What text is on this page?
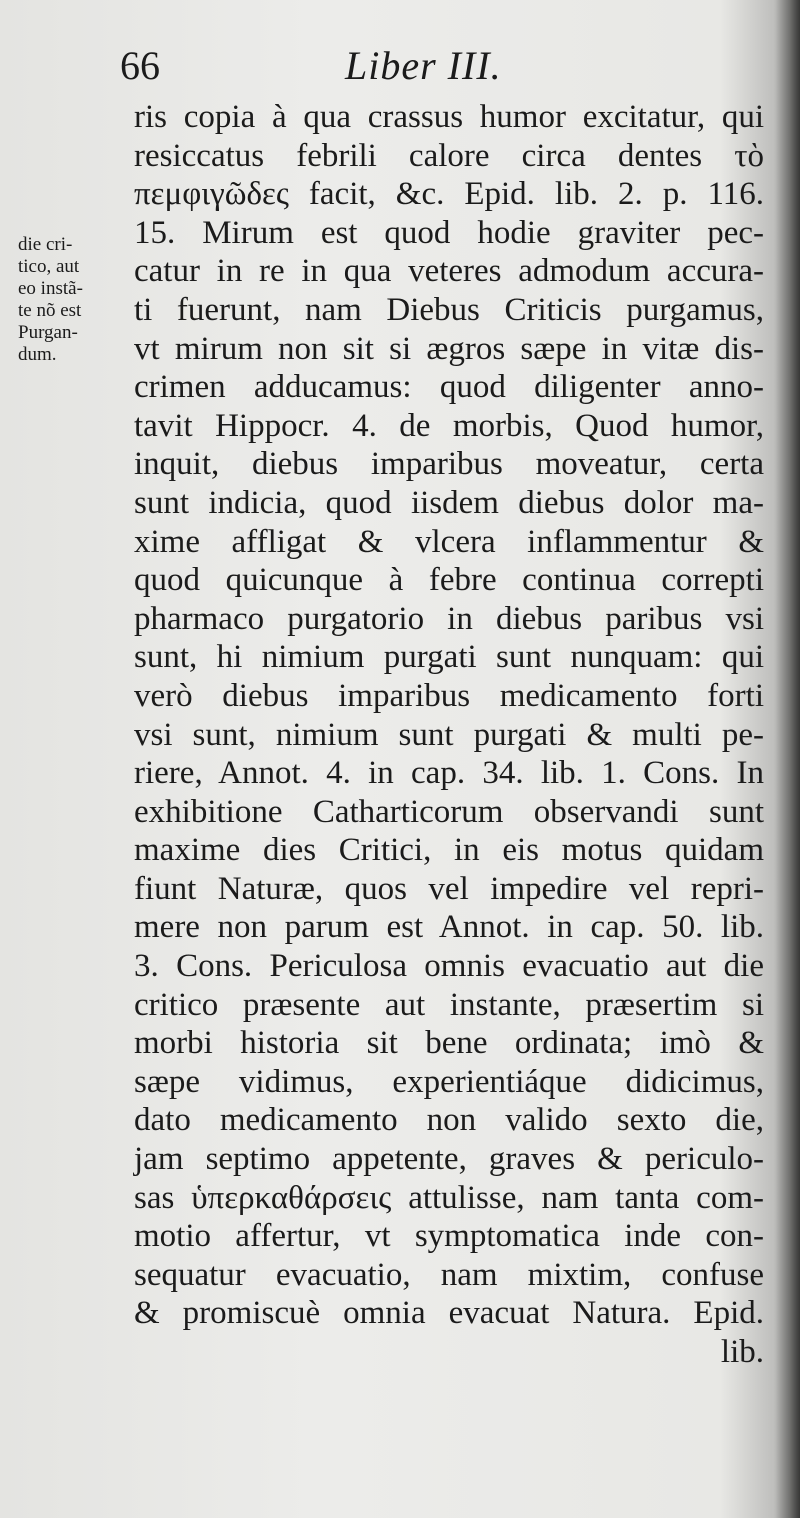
66	Liber III.
die cri-
tico, aut
eo instã-
te nõ est
Purgan-
dum.
ris copia à qua crassus humor excitatur, qui
resiccatus febrili calore circa dentes τὸ
πεμφιγῶδες facit, &c. Epid. lib. 2. p. 116.
15. Mirum est quod hodie graviter pec-
catur in re in qua veteres admodum accura-
ti fuerunt, nam Diebus Criticis purgamus,
vt mirum non sit si ægros sæpe in vitæ dis-
crimen adducamus: quod diligenter anno-
tavit Hippocr. 4. de morbis, Quod humor,
inquit, diebus imparibus moveatur, certa
sunt indicia, quod iisdem diebus dolor ma-
xime affligat & vlcera inflammentur &
quod quicunque à febre continua correpti
pharmaco purgatorio in diebus paribus vsi
sunt, hi nimium purgati sunt nunquam: qui
verò diebus imparibus medicamento forti
vsi sunt, nimium sunt purgati & multi pe-
riere, Annot. 4. in cap. 34. lib. 1. Cons. In
exhibitione Catharticorum observandi sunt
maxime dies Critici, in eis motus quidam
fiunt Naturæ, quos vel impedire vel repri-
mere non parum est Annot. in cap. 50. lib.
3. Cons. Periculosa omnis evacuatio aut die
critico præsente aut instante, præsertim si
morbi historia sit bene ordinata; imò &
sæpe vidimus, experientiáque didicimus,
dato medicamento non valido sexto die,
jam septimo appetente, graves & periculo-
sas ὑπερκαθάρσεις attulisse, nam tanta com-
motio affertur, vt symptomatica inde con-
sequatur evacuatio, nam mixtim, confuse
& promiscuè omnia evacuat Natura. Epid.
lib.
